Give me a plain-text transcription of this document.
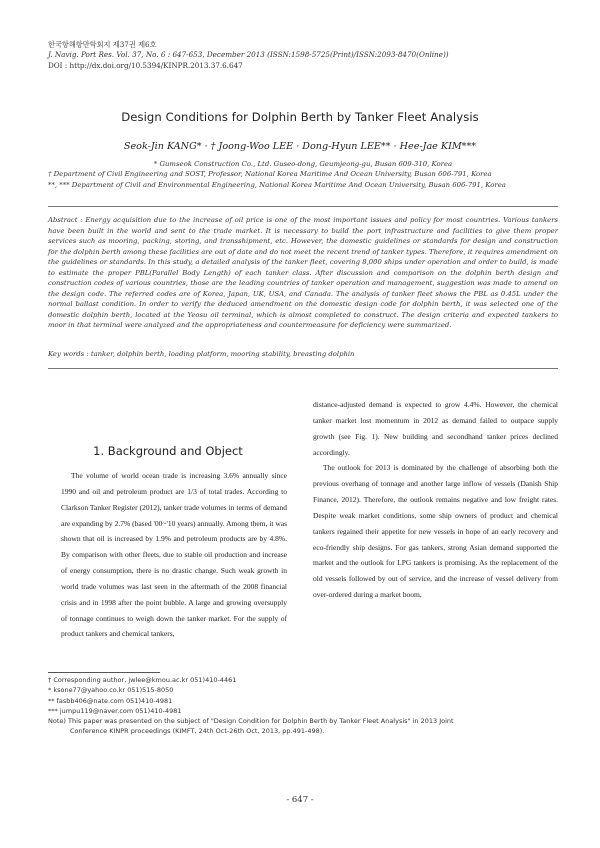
한국항해항만학회지 제37권 제6호
J. Navig. Port Res. Vol. 37, No. 6 : 647-653, December 2013 (ISSN:1598-5725(Print)/ISSN:2093-8470(Online))
DOI : http://dx.doi.org/10.5394/KINPR.2013.37.6.647
Design Conditions for Dolphin Berth by Tanker Fleet Analysis
Seok-Jin KANG* · † Joong-Woo LEE · Dong-Hyun LEE** · Hee-Jae KIM***
* Gumseok Construction Co., Ltd. Guseo-dong, Geumjeong-gu, Busan 609-310, Korea
† Department of Civil Engineering and SOST, Professor, National Korea Maritime And Ocean University, Busan 606-791, Korea
**, *** Department of Civil and Environmental Engineering, National Korea Maritime And Ocean University, Busan 606-791, Korea
Abstract : Energy acquisition due to the increase of oil price is one of the most important issues and policy for most countries. Various tankers have been built in the world and sent to the trade market. It is necessary to build the port infrastructure and facilities to give them proper services such as mooring, packing, storing, and transshipment, etc. However, the domestic guidelines or standards for design and construction for the dolphin berth among these facilities are out of date and do not meet the recent trend of tanker types. Therefore, it requires amendment on the guidelines or standards. In this study, a detailed analysis of the tanker fleet, covering 8,000 ships under operation and order to build, is made to estimate the proper PBL(Parallel Body Length) of each tanker class. After discussion and comparison on the dolphin berth design and construction codes of various countries, those are the leading countries of tanker operation and management, suggestion was made to amend on the design code. The referred codes are of Korea, Japan, UK, USA, and Canada. The analysis of tanker fleet shows the PBL as 0.45L under the normal ballast condition. In order to verify the deduced amendment on the domestic design code for dolphin berth, it was selected one of the domestic dolphin berth, located at the Yeosu oil terminal, which is almost completed to construct. The design criteria and expected tankers to moor in that terminal were analyzed and the appropriateness and countermeasure for deficiency were summarized.
Key words : tanker, dolphin berth, loading platform, mooring stability, breasting dolphin
1. Background and Object

The volume of world ocean trade is increasing 3.6% annually since 1990 and oil and petroleum product are 1/3 of total trades. According to Clarkson Tanker Register (2012), tanker trade volumes in terms of demand are expanding by 2.7% (based '00~'10 years) annually. Among them, it was shown that oil is increased by 1.9% and petroleum products are by 4.8%. By comparison with other fleets, due to stable oil production and increase of energy consumption, there is no drastic change. Such weak growth in world trade volumes was last seen in the aftermath of the 2008 financial crisis and in 1998 after the point bubble. A large and growing oversupply of tonnage continues to weigh down the tanker market. For the supply of product tankers and chemical tankers,

distance-adjusted demand is expected to grow 4.4%. However, the chemical tanker market lost momentum in 2012 as demand failed to outpace supply growth (see Fig. 1). New building and secondhand tanker prices declined accordingly.

The outlook for 2013 is dominated by the challenge of absorbing both the previous overhang of tonnage and another large inflow of vessels (Danish Ship Finance, 2012). Therefore, the outlook remains negative and low freight rates. Despite weak market conditions, some ship owners of product and chemical tankers regained their appetite for new vessels in hope of an early recovery and eco-friendly ship designs. For gas tankers, strong Asian demand supported the market and the outlook for LPG tankers is promising. As the replacement of the old vessels followed by out of service, and the increase of vessel delivery from over-ordered during a market boom,

† Corresponding author, jwlee@kmou.ac.kr 051)410-4461
* ksone77@yahoo.co.kr 051)515-8050
** fasbb406@nate.com 051)410-4981
*** jumpu119@naver.com 051)410-4981
Note) This paper was presented on the subject of "Design Condition for Dolphin Berth by Tanker Fleet Analysis" in 2013 Joint
Conference KINPR proceedings (KIMFT, 24th Oct-26th Oct, 2013, pp.491-498).
- 647 -
